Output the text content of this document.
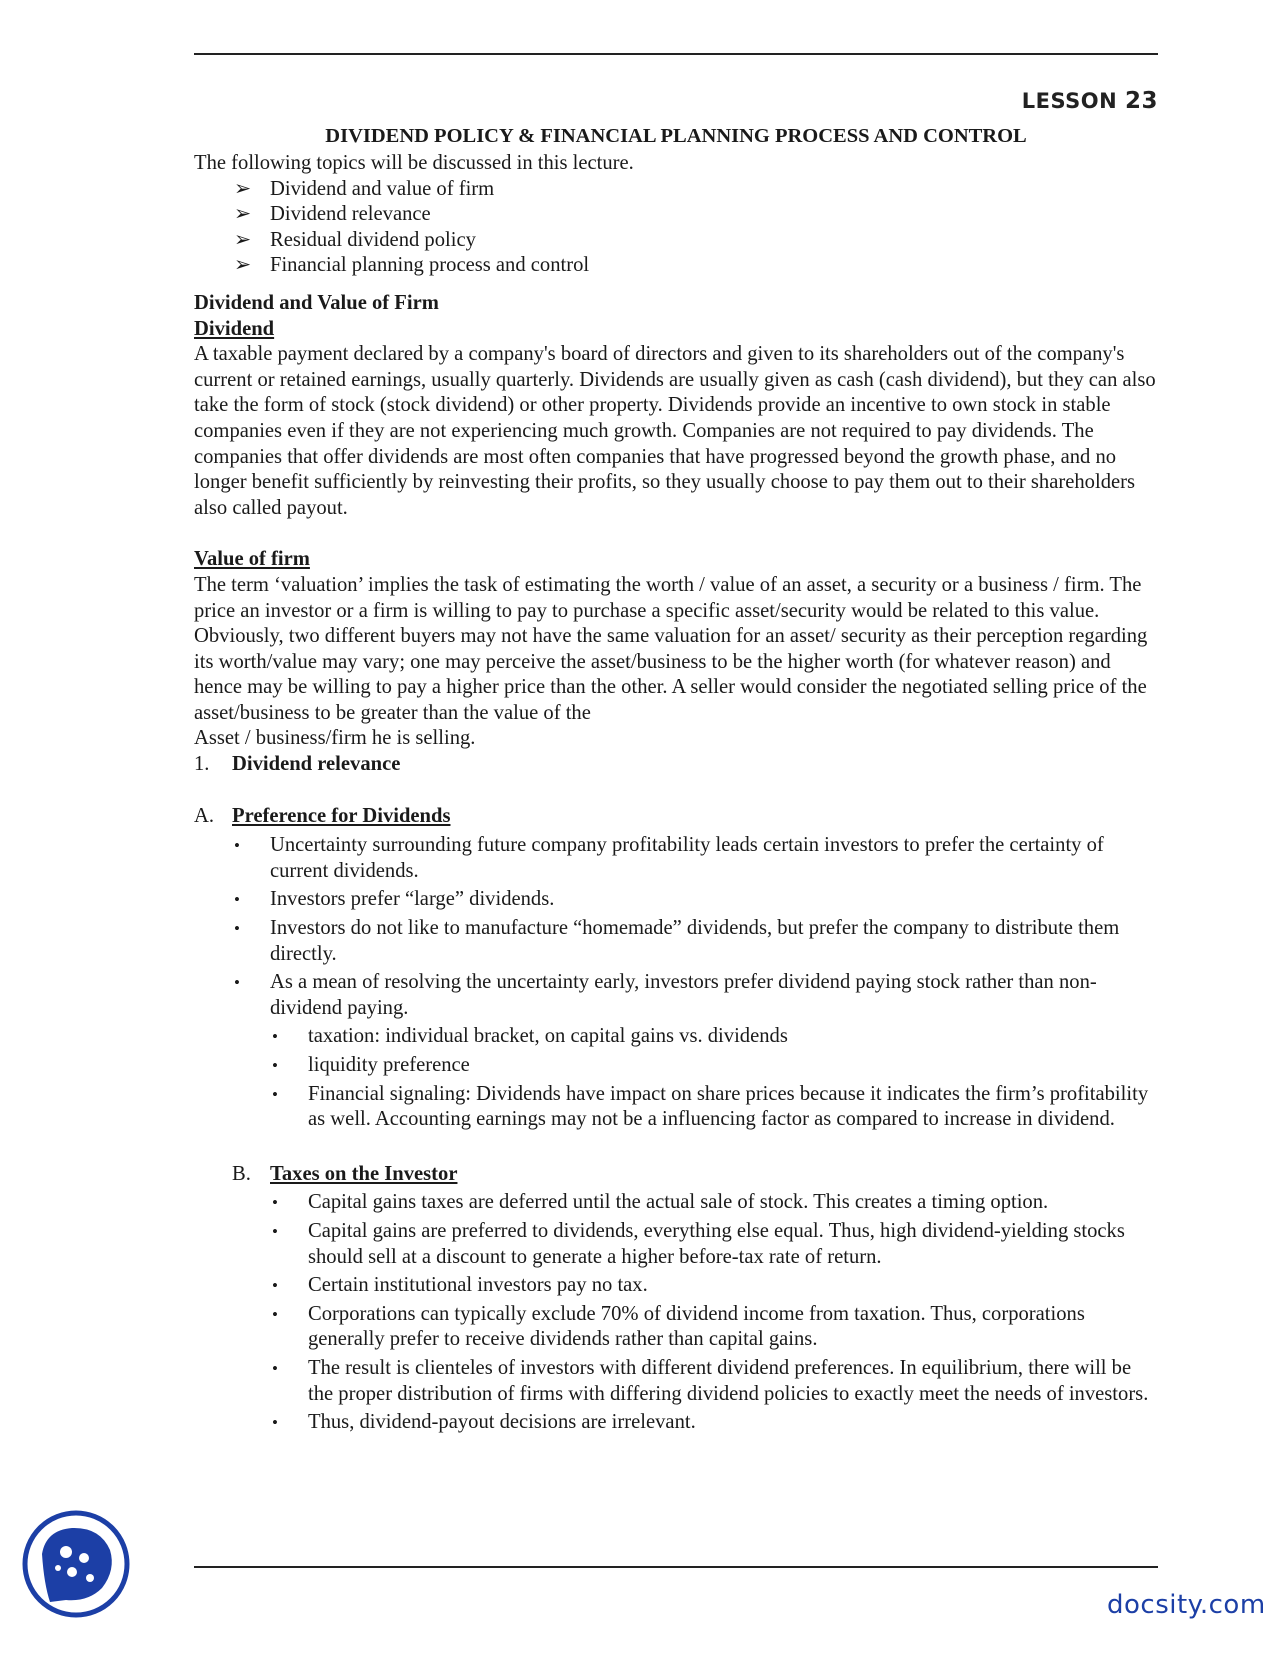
LESSON 23
DIVIDEND POLICY & FINANCIAL PLANNING PROCESS AND CONTROL

The following topics will be discussed in this lecture.

➢ Dividend and value of firm
➢ Dividend relevance
➢ Residual dividend policy
➢ Financial planning process and control

Dividend and Value of Firm

Dividend

A taxable payment declared by a company's board of directors and given to its shareholders out of the company's current or retained earnings, usually quarterly. Dividends are usually given as cash (cash dividend), but they can also take the form of stock (stock dividend) or other property. Dividends provide an incentive to own stock in stable companies even if they are not experiencing much growth. Companies are not required to pay dividends. The companies that offer dividends are most often companies that have progressed beyond the growth phase, and no longer benefit sufficiently by reinvesting their profits, so they usually choose to pay them out to their shareholders also called payout.

Value of firm

The term ‘valuation’ implies the task of estimating the worth / value of an asset, a security or a business / firm. The price an investor or a firm is willing to pay to purchase a specific asset/security would be related to this value. Obviously, two different buyers may not have the same valuation for an asset/ security as their perception regarding its worth/value may vary; one may perceive the asset/business to be the higher worth (for whatever reason) and hence may be willing to pay a higher price than the other. A seller would consider the negotiated selling price of the asset/business to be greater than the value of the

Asset / business/firm he is selling.

1. Dividend relevance
A. Preference for Dividends
• Uncertainty surrounding future company profitability leads certain investors to prefer the certainty of current dividends.
• Investors prefer “large” dividends.
• Investors do not like to manufacture “homemade” dividends, but prefer the company to distribute them directly.
• As a mean of resolving the uncertainty early, investors prefer dividend paying stock rather than non-dividend paying.
• taxation: individual bracket, on capital gains vs. dividends
• liquidity preference
• Financial signaling: Dividends have impact on share prices because it indicates the firm’s profitability as well. Accounting earnings may not be a influencing factor as compared to increase in dividend.
B. Taxes on the Investor
• Capital gains taxes are deferred until the actual sale of stock. This creates a timing option.
• Capital gains are preferred to dividends, everything else equal. Thus, high dividend-yielding stocks should sell at a discount to generate a higher before-tax rate of return.
• Certain institutional investors pay no tax.
• Corporations can typically exclude 70% of dividend income from taxation. Thus, corporations generally prefer to receive dividends rather than capital gains.
• The result is clienteles of investors with different dividend preferences. In equilibrium, there will be the proper distribution of firms with differing dividend policies to exactly meet the needs of investors.
• Thus, dividend-payout decisions are irrelevant.
docsity.com
